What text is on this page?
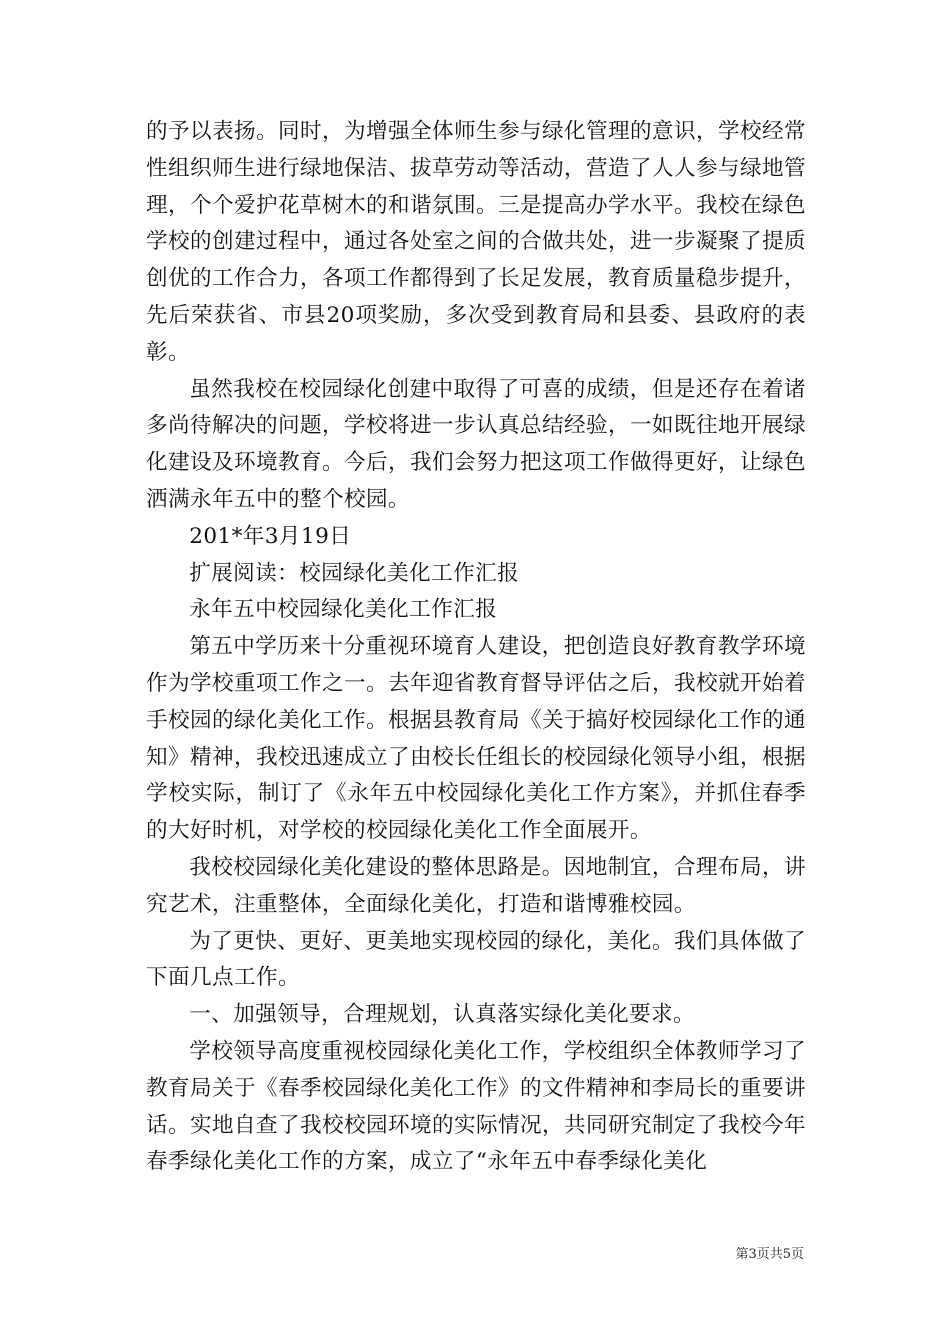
的予以表扬。同时，为增强全体师生参与绿化管理的意识，学校经常性组织师生进行绿地保洁、拔草劳动等活动，营造了人人参与绿地管理，个个爱护花草树木的和谐氛围。三是提高办学水平。我校在绿色学校的创建过程中，通过各处室之间的合做共处，进一步凝聚了提质创优的工作合力，各项工作都得到了长足发展，教育质量稳步提升，先后荣获省、市县20项奖励，多次受到教育局和县委、县政府的表彰。

虽然我校在校园绿化创建中取得了可喜的成绩，但是还存在着诸多尚待解决的问题，学校将进一步认真总结经验，一如既往地开展绿化建设及环境教育。今后，我们会努力把这项工作做得更好，让绿色洒满永年五中的整个校园。

201*年3月19日

扩展阅读：校园绿化美化工作汇报

永年五中校园绿化美化工作汇报

第五中学历来十分重视环境育人建设，把创造良好教育教学环境作为学校重项工作之一。去年迎省教育督导评估之后，我校就开始着手校园的绿化美化工作。根据县教育局《关于搞好校园绿化工作的通知》精神，我校迅速成立了由校长任组长的校园绿化领导小组，根据学校实际，制订了《永年五中校园绿化美化工作方案》，并抓住春季的大好时机，对学校的校园绿化美化工作全面展开。

我校校园绿化美化建设的整体思路是。因地制宜，合理布局，讲究艺术，注重整体，全面绿化美化，打造和谐博雅校园。

为了更快、更好、更美地实现校园的绿化，美化。我们具体做了下面几点工作。

一、加强领导，合理规划，认真落实绿化美化要求。

学校领导高度重视校园绿化美化工作，学校组织全体教师学习了教育局关于《春季校园绿化美化工作》的文件精神和李局长的重要讲话。实地自查了我校校园环境的实际情况，共同研究制定了我校今年春季绿化美化工作的方案，成立了“永年五中春季绿化美化

第3页共5页
